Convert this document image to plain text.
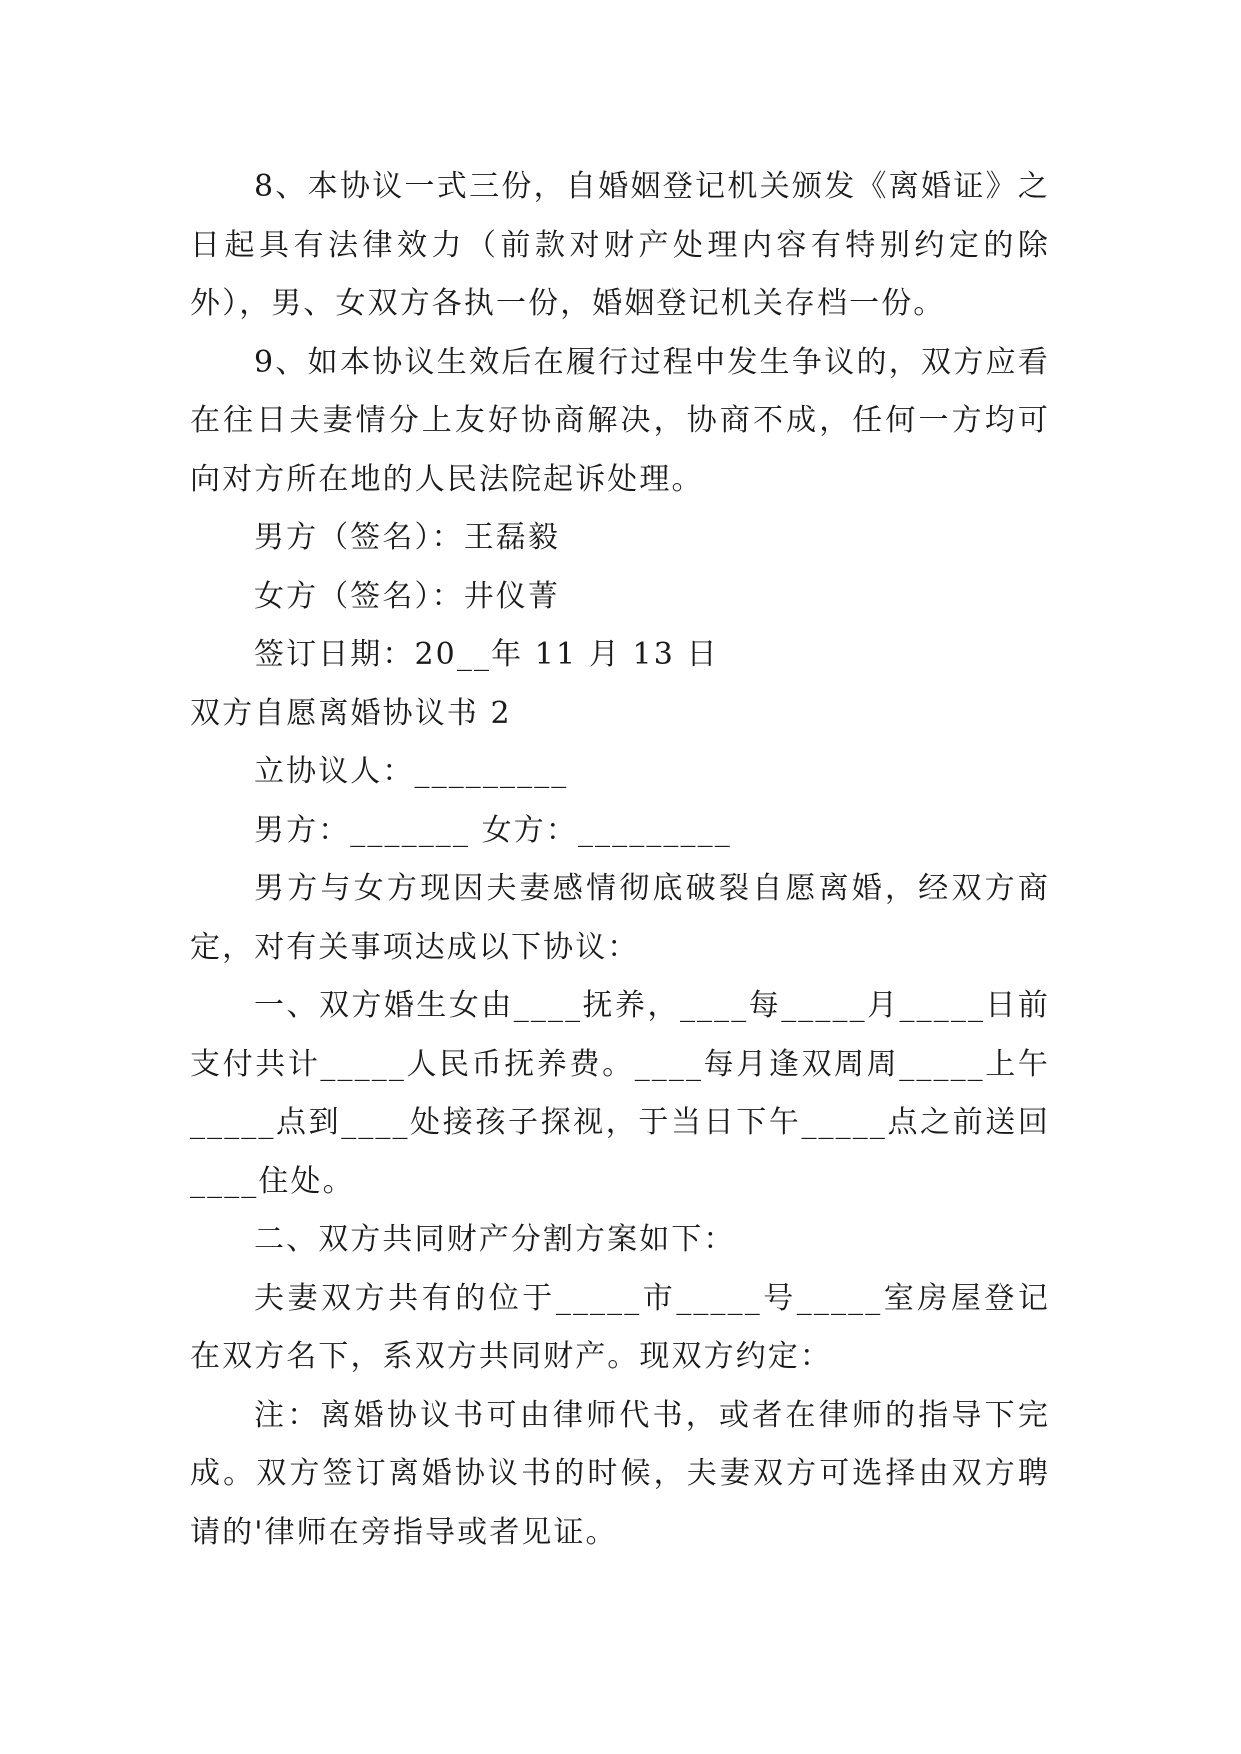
8、本协议一式三份，自婚姻登记机关颁发《离婚证》之日起具有法律效力（前款对财产处理内容有特别约定的除外），男、女双方各执一份，婚姻登记机关存档一份。

9、如本协议生效后在履行过程中发生争议的，双方应看在往日夫妻情分上友好协商解决，协商不成，任何一方均可向对方所在地的人民法院起诉处理。

男方（签名）：王磊毅

女方（签名）：井仪菁

签订日期：20__年 11 月 13 日

双方自愿离婚协议书 2

立协议人：_________

男方：_______ 女方：_________

男方与女方现因夫妻感情彻底破裂自愿离婚，经双方商定，对有关事项达成以下协议：

一、双方婚生女由____抚养，____每_____月_____日前支付共计_____人民币抚养费。____每月逢双周周_____上午_____点到____处接孩子探视，于当日下午_____点之前送回____住处。

二、双方共同财产分割方案如下：

夫妻双方共有的位于_____市_____号_____室房屋登记在双方名下，系双方共同财产。现双方约定：

注：离婚协议书可由律师代书，或者在律师的指导下完成。双方签订离婚协议书的时候，夫妻双方可选择由双方聘请的'律师在旁指导或者见证。
